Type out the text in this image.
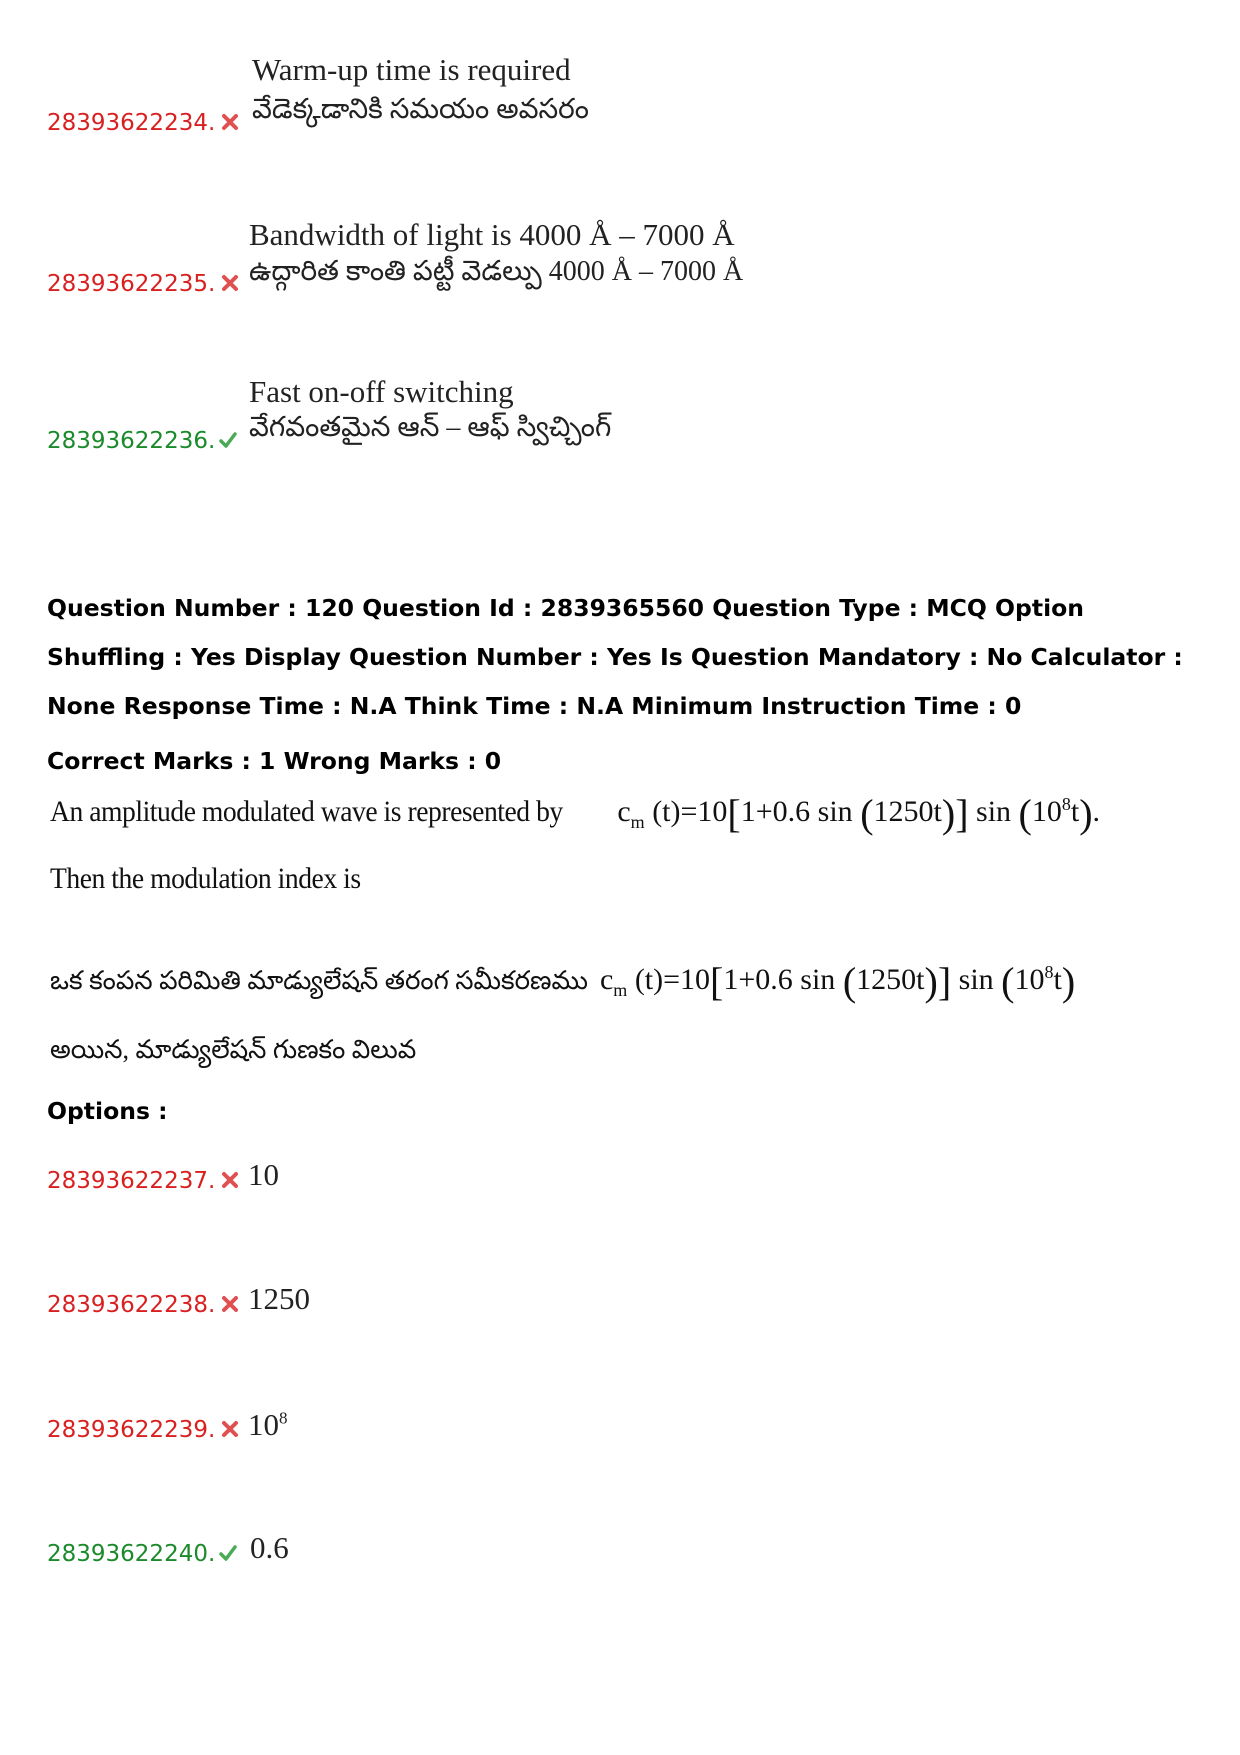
Warm-up time is required
వేడెక్కడానికి సమయం అవసరం
28393622234.
Bandwidth of light is 4000 Å – 7000 Å
ఉద్గారిత కాంతి పట్టీ వెడల్పు 4000 Å – 7000 Å
28393622235.
Fast on-off switching
వేగవంతమైన ఆన్ – ఆఫ్ స్విచ్చింగ్
28393622236.
Question Number : 120 Question Id : 2839365560 Question Type : MCQ Option Shuffling : Yes Display Question Number : Yes Is Question Mandatory : No Calculator : None Response Time : N.A Think Time : N.A Minimum Instruction Time : 0
Correct Marks : 1 Wrong Marks : 0
An amplitude modulated wave is represented by $c_m$ (t)=10[1+0.6 sin (1250t)] $\sin (10^8t)$.
Then the modulation index is
ఒక కంపన పరిమితి మాడ్యులేషన్ తరంగ సమీకరణము $c_m$ (t)=10[1+0.6 sin (1250t)] $\sin (10^8t)$
అయిన, మాడ్యులేషన్ గుణకం విలువ
Options :
28393622237. 10
28393622238. 1250
28393622239. $10^8$
28393622240. 0.6
